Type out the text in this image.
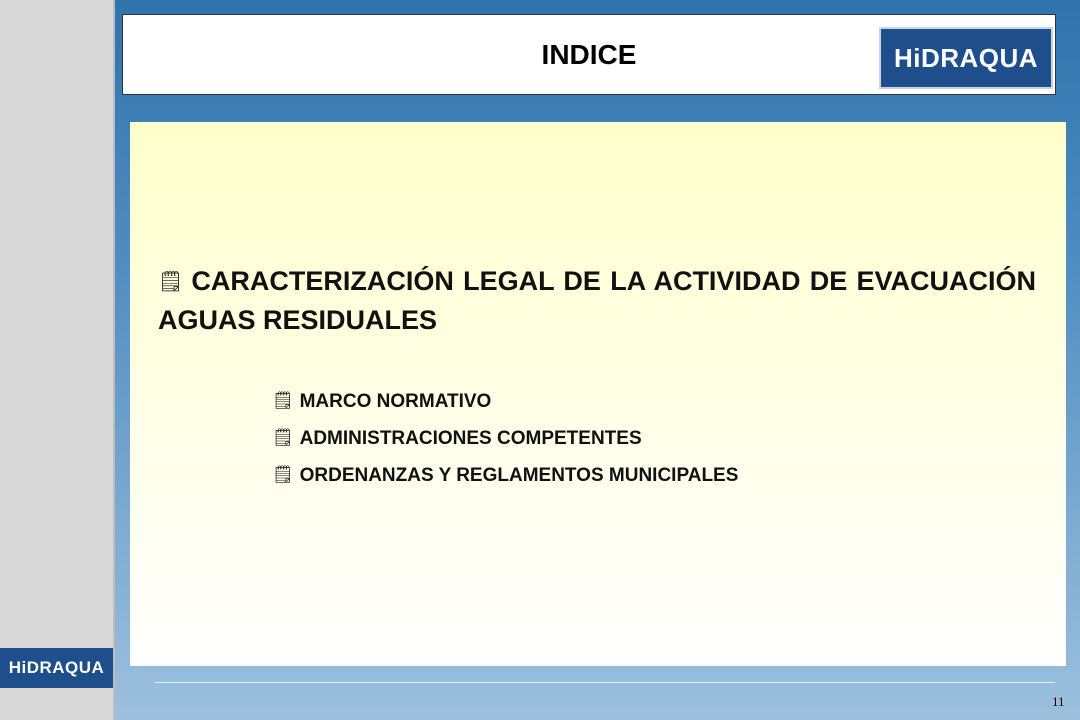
HiDRAQUA
INDICE	HiDRAQUA
🗒 CARACTERIZACIÓN LEGAL DE LA ACTIVIDAD DE EVACUACIÓN AGUAS RESIDUALES
🗒 MARCO NORMATIVO
🗒 ADMINISTRACIONES COMPETENTES
🗒 ORDENANZAS Y REGLAMENTOS MUNICIPALES
11
